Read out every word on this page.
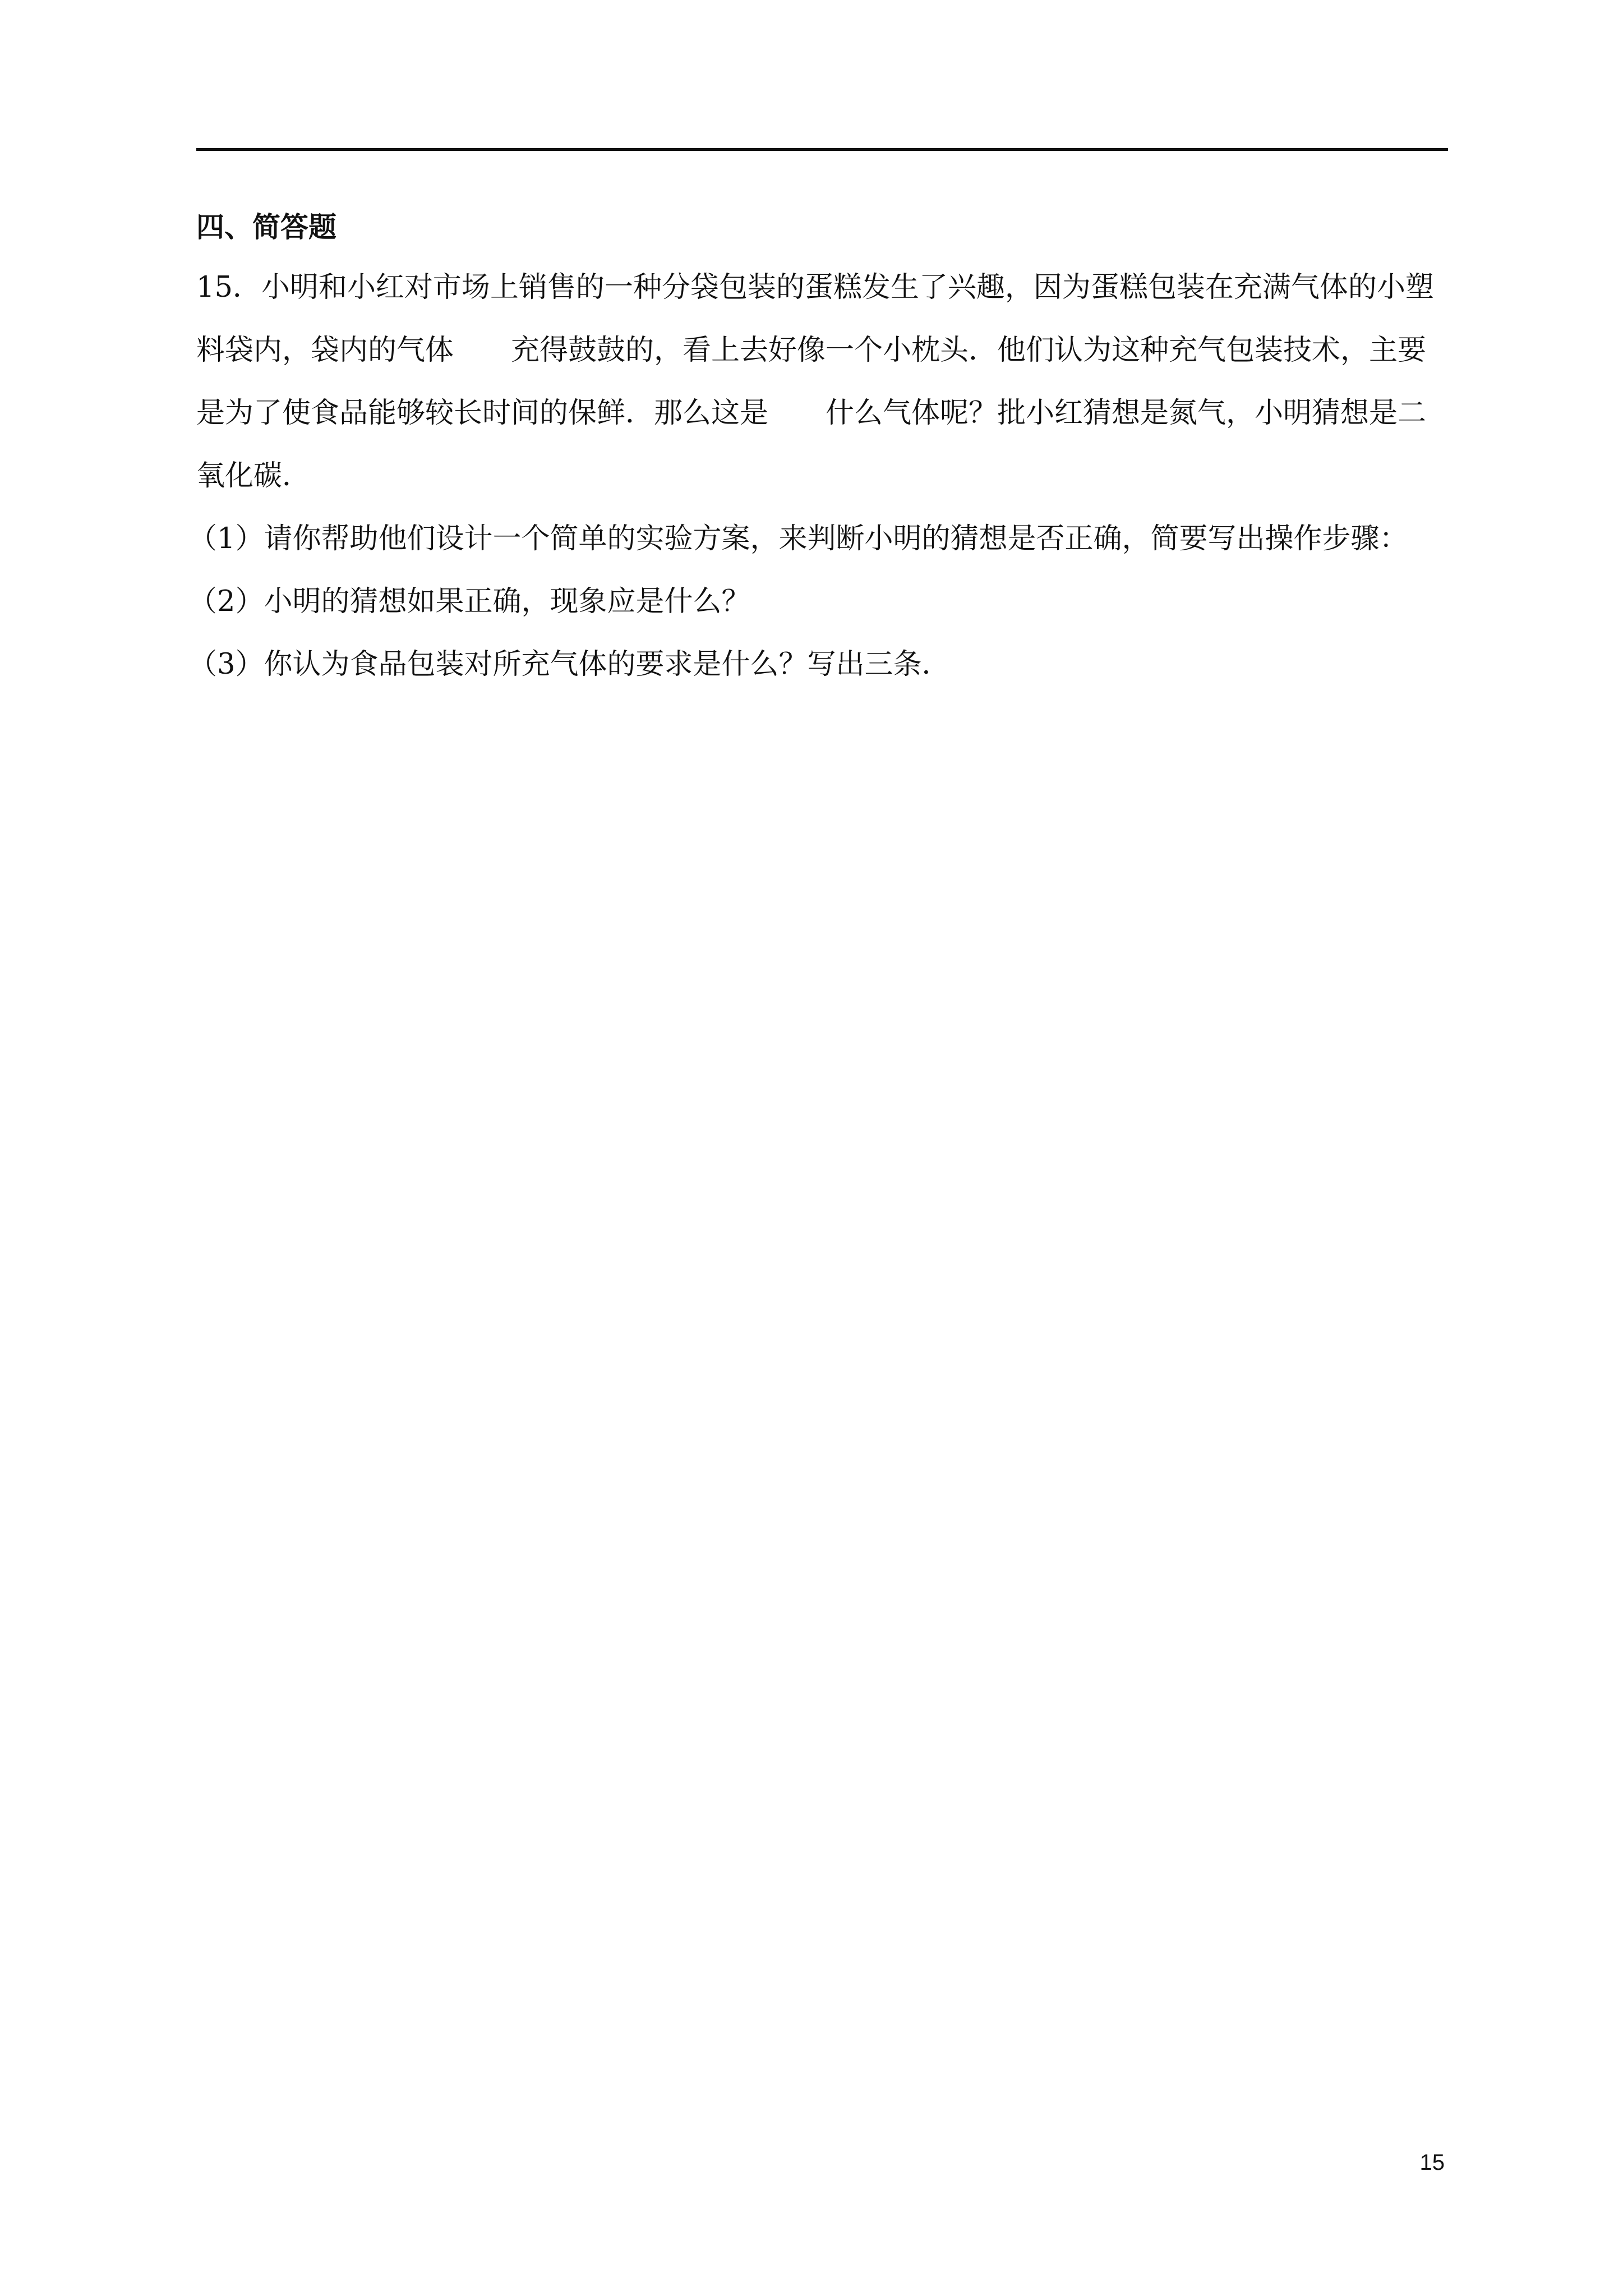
四、简答题
15．小明和小红对市场上销售的一种分袋包装的蛋糕发生了兴趣，因为蛋糕包装在充满气体的小塑
料袋内，袋内的气体　　充得鼓鼓的，看上去好像一个小枕头．他们认为这种充气包装技术，主要
是为了使食品能够较长时间的保鲜．那么这是　　什么气体呢？批小红猜想是氮气，小明猜想是二
氧化碳．
（1）请你帮助他们设计一个简单的实验方案，来判断小明的猜想是否正确，简要写出操作步骤：
（2）小明的猜想如果正确，现象应是什么？
（3）你认为食品包装对所充气体的要求是什么？写出三条．
15
